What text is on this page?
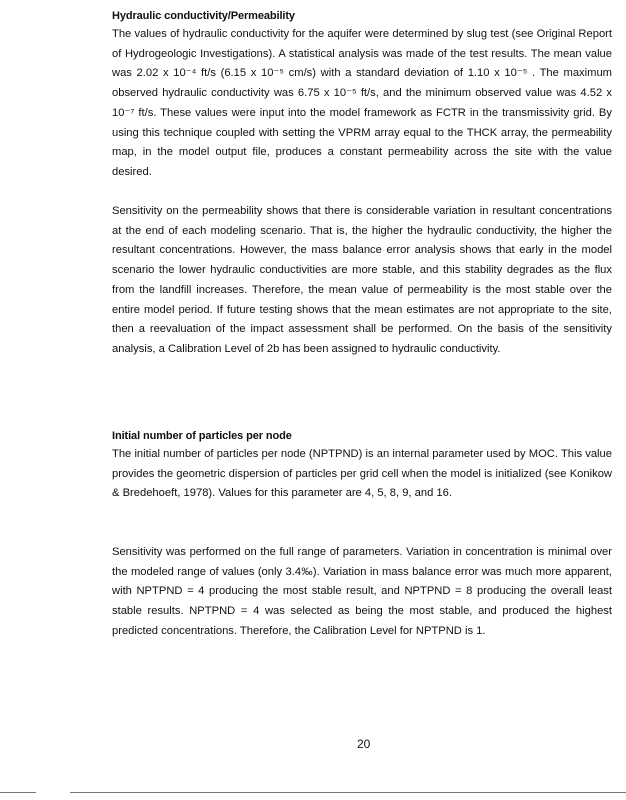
Hydraulic conductivity/Permeability

The values of hydraulic conductivity for the aquifer were determined by slug test (see Original Report of Hydrogeologic Investigations). A statistical analysis was made of the test results. The mean value was 2.02 x 10⁻⁴ ft/s (6.15 x 10⁻⁵ cm/s) with a standard deviation of 1.10 x 10⁻⁵ . The maximum observed hydraulic conductivity was 6.75 x 10⁻⁵ ft/s, and the minimum observed value was 4.52 x 10⁻⁷ ft/s. These values were input into the model framework as FCTR in the transmissivity grid. By using this technique coupled with setting the VPRM array equal to the THCK array, the permeability map, in the model output file, produces a constant permeability across the site with the value desired.

Sensitivity on the permeability shows that there is considerable variation in resultant concentrations at the end of each modeling scenario. That is, the higher the hydraulic conductivity, the higher the resultant concentrations. However, the mass balance error analysis shows that early in the model scenario the lower hydraulic conductivities are more stable, and this stability degrades as the flux from the landfill increases. Therefore, the mean value of permeability is the most stable over the entire model period. If future testing shows that the mean estimates are not appropriate to the site, then a reevaluation of the impact assessment shall be performed. On the basis of the sensitivity analysis, a Calibration Level of 2b has been assigned to hydraulic conductivity.

Initial number of particles per node

The initial number of particles per node (NPTPND) is an internal parameter used by MOC. This value provides the geometric dispersion of particles per grid cell when the model is initialized (see Konikow & Bredehoeft, 1978). Values for this parameter are 4, 5, 8, 9, and 16.

Sensitivity was performed on the full range of parameters. Variation in concentration is minimal over the modeled range of values (only 3.4‰). Variation in mass balance error was much more apparent, with NPTPND = 4 producing the most stable result, and NPTPND = 8 producing the overall least stable results. NPTPND = 4 was selected as being the most stable, and produced the highest predicted concentrations. Therefore, the Calibration Level for NPTPND is 1.

20
